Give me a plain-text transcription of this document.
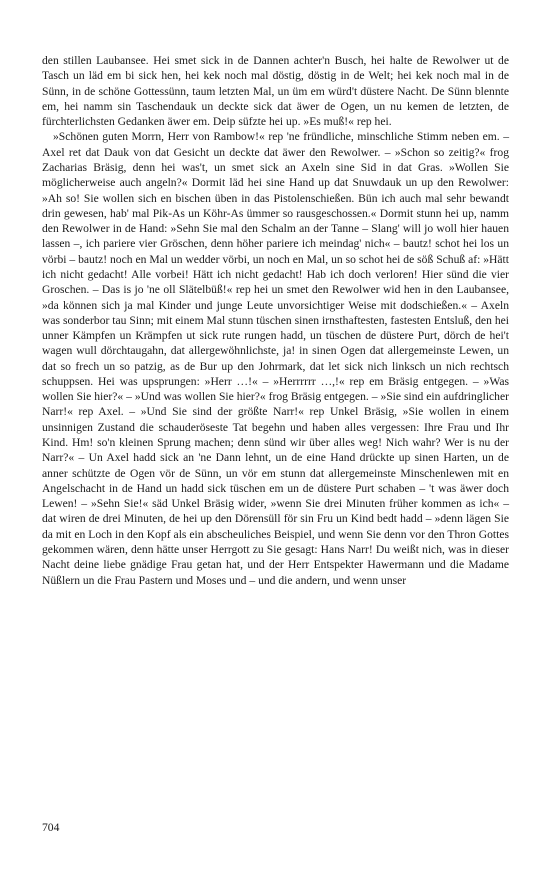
den stillen Laubansee. Hei smet sick in de Dannen achter'n Busch, hei halte de Rewolwer ut de Tasch un läd em bi sick hen, hei kek noch mal döstig, döstig in de Welt; hei kek noch mal in de Sünn, in de schöne Gottessünn, taum letzten Mal, un üm em würd't düstere Nacht. De Sünn blennte em, hei namm sin Taschendauk un deckte sick dat äwer de Ogen, un nu kemen de letzten, de fürchterlichsten Gedanken äwer em. Deip süfzte hei up. »Es muß!« rep hei.

»Schönen guten Morrn, Herr von Rambow!« rep 'ne fründliche, minschliche Stimm neben em. – Axel ret dat Dauk von dat Gesicht un deckte dat äwer den Rewolwer. – »Schon so zeitig?« frog Zacharias Bräsig, denn hei was't, un smet sick an Axeln sine Sid in dat Gras. »Wollen Sie möglicherweise auch angeln?« Dormit läd hei sine Hand up dat Snuwdauk un up den Rewolwer: »Ah so! Sie wollen sich en bischen üben in das Pistolenschießen. Bün ich auch mal sehr bewandt drin gewesen, hab' mal Pik-As un Köhr-As ümmer so rausgeschossen.« Dormit stunn hei up, namm den Rewolwer in de Hand: »Sehn Sie mal den Schalm an der Tanne – Slang' will jo woll hier hauen lassen –, ich pariere vier Gröschen, denn höher pariere ich meindag' nich« – bautz! schot hei los un vörbi – bautz! noch en Mal un wedder vörbi, un noch en Mal, un so schot hei de söß Schuß af: »Hätt ich nicht gedacht! Alle vorbei! Hätt ich nicht gedacht! Hab ich doch verloren! Hier sünd die vier Groschen. – Das is jo 'ne oll Slätelbüß!« rep hei un smet den Rewolwer wid hen in den Laubansee, »da können sich ja mal Kinder und junge Leute unvorsichtiger Weise mit dodschießen.« – Axeln was sonderbor tau Sinn; mit einem Mal stunn tüschen sinen irnsthaftesten, fastesten Entsluß, den hei unner Kämpfen un Krämpfen ut sick rute rungen hadd, un tüschen de düstere Purt, dörch de hei't wagen wull dörchtaugahn, dat allergewöhnlichste, ja! in sinen Ogen dat allergemeinste Lewen, un dat so frech un so patzig, as de Bur up den Johrmark, dat let sick nich linksch un nich rechtsch schuppsen. Hei was upsprungen: »Herr …!« – »Herrrrrr …,!« rep em Bräsig entgegen. – »Was wollen Sie hier?« – »Und was wollen Sie hier?« frog Bräsig entgegen. – »Sie sind ein aufdringlicher Narr!« rep Axel. – »Und Sie sind der größte Narr!« rep Unkel Bräsig, »Sie wollen in einem unsinnigen Zustand die schauderöseste Tat begehn und haben alles vergessen: Ihre Frau und Ihr Kind. Hm! so'n kleinen Sprung machen; denn sünd wir über alles weg! Nich wahr? Wer is nu der Narr?« – Un Axel hadd sick an 'ne Dann lehnt, un de eine Hand drückte up sinen Harten, un de anner schützte de Ogen vör de Sünn, un vör em stunn dat allergemeinste Minschenlewen mit en Angelschacht in de Hand un hadd sick tüschen em un de düstere Purt schaben – 't was äwer doch Lewen! – »Sehn Sie!« säd Unkel Bräsig wider, »wenn Sie drei Minuten früher kommen as ich« – dat wiren de drei Minuten, de hei up den Dörensüll för sin Fru un Kind bedt hadd – »denn lägen Sie da mit en Loch in den Kopf als ein abscheuliches Beispiel, und wenn Sie denn vor den Thron Gottes gekommen wären, denn hätte unser Herrgott zu Sie gesagt: Hans Narr! Du weißt nich, was in dieser Nacht deine liebe gnädige Frau getan hat, und der Herr Entspekter Hawermann und die Madame Nüßlern un die Frau Pastern und Moses und – und die andern, und wenn unser

704
